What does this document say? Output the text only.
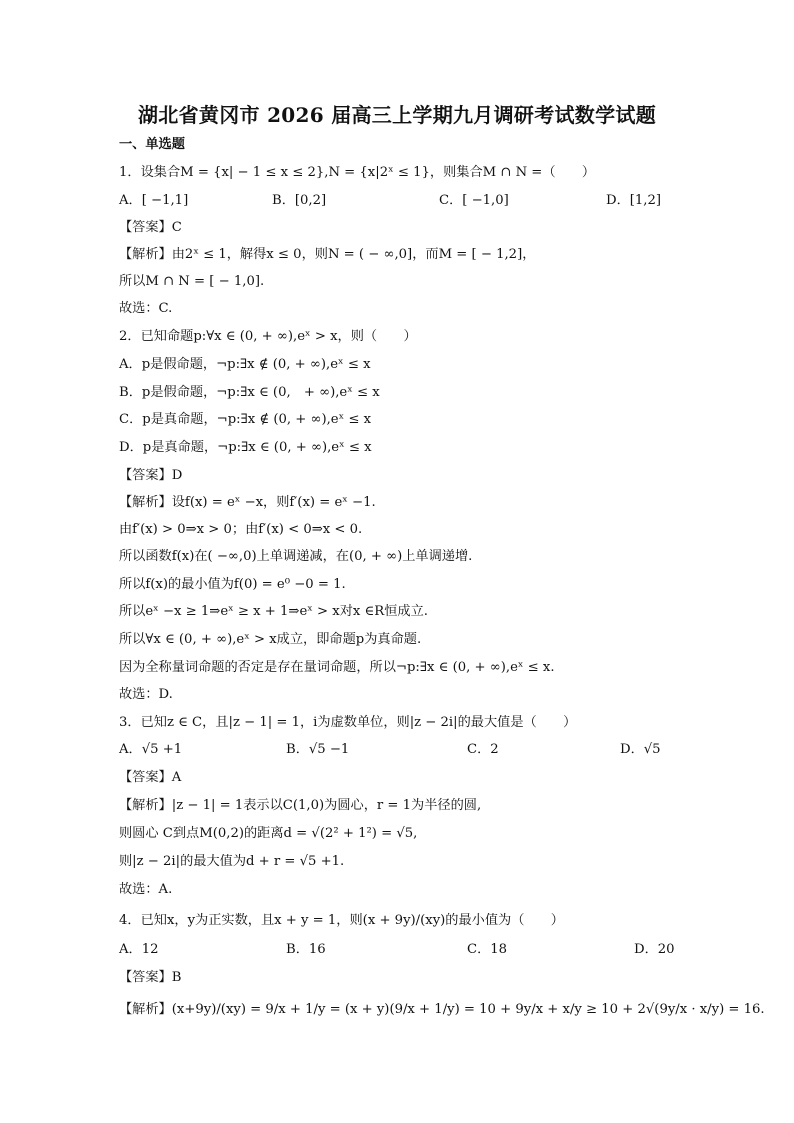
湖北省黄冈市 2026 届高三上学期九月调研考试数学试题
一、单选题
1．设集合M = {x| − 1 ≤ x ≤ 2},N = {x|2ˣ ≤ 1}，则集合M ∩ N =（　　）
A．[ −1,1]	B．[0,2]	C．[ −1,0]	D．[1,2]
【答案】C
【解析】由2ˣ ≤ 1，解得x ≤ 0，则N = ( − ∞,0]，而M = [ − 1,2]，
所以M ∩ N = [ − 1,0].
故选：C.
2．已知命题p:∀x ∈ (0, + ∞),eˣ > x，则（　　）
A．p是假命题，¬p:∃x ∉ (0, + ∞),eˣ ≤ x
B．p是假命题，¬p:∃x ∈ (0,　+ ∞),eˣ ≤ x
C．p是真命题，¬p:∃x ∉ (0, + ∞),eˣ ≤ x
D．p是真命题，¬p:∃x ∈ (0, + ∞),eˣ ≤ x
【答案】D
【解析】设f(x) = eˣ −x，则f′(x) = eˣ −1.
由f′(x) > 0⇒x > 0；由f′(x) < 0⇒x < 0.
所以函数f(x)在( −∞,0)上单调递减，在(0, + ∞)上单调递增.
所以f(x)的最小值为f(0) = e⁰ −0 = 1.
所以eˣ −x ≥ 1⇒eˣ ≥ x + 1⇒eˣ > x对x ∈R恒成立.
所以∀x ∈ (0, + ∞),eˣ > x成立，即命题p为真命题.
因为全称量词命题的否定是存在量词命题，所以¬p:∃x ∈ (0, + ∞),eˣ ≤ x.
故选：D.
3．已知z ∈ C，且|z − 1| = 1，i为虚数单位，则|z − 2i|的最大值是（　　）
A．√5 +1	B．√5 −1	C．2	D．√5
【答案】A
【解析】|z − 1| = 1表示以C(1,0)为圆心，r = 1为半径的圆,
则圆心 C到点M(0,2)的距离d = √(2² + 1²) = √5,
则|z − 2i|的最大值为d + r = √5 +1.
故选：A.
4．已知x，y为正实数，且x + y = 1，则(x + 9y)/(xy)的最小值为（　　）
A．12	B．16	C．18	D．20
【答案】B
【解析】(x+9y)/(xy) = 9/x + 1/y = (x + y)(9/x + 1/y) = 10 + 9y/x + x/y ≥ 10 + 2√(9y/x · x/y) = 16.
